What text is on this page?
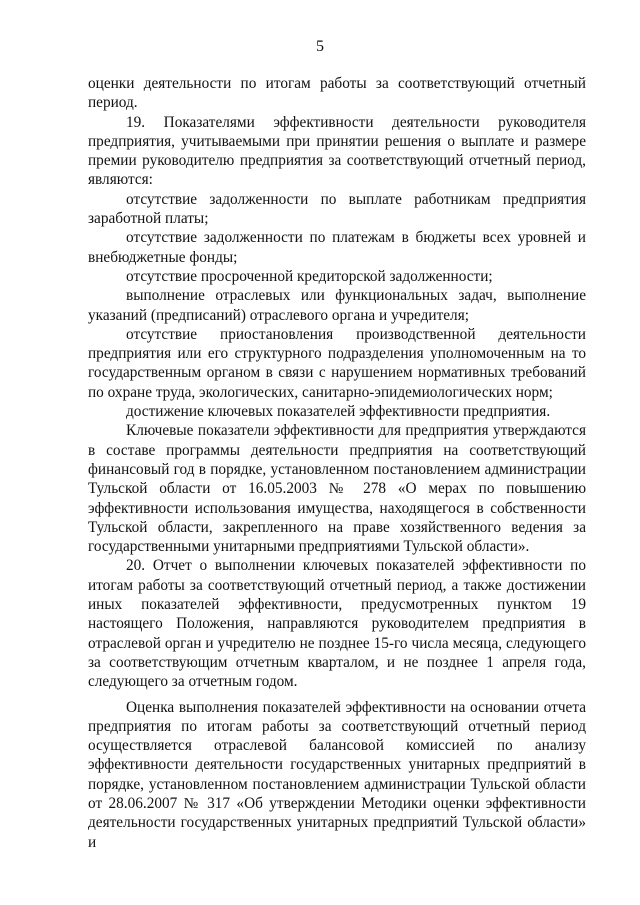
5

оценки деятельности по итогам работы за соответствующий отчетный период.

19. Показателями эффективности деятельности руководителя предприятия, учитываемыми при принятии решения о выплате и размере премии руководителю предприятия за соответствующий отчетный период, являются:

отсутствие задолженности по выплате работникам предприятия заработной платы;

отсутствие задолженности по платежам в бюджеты всех уровней и внебюджетные фонды;

отсутствие просроченной кредиторской задолженности;

выполнение отраслевых или функциональных задач, выполнение указаний (предписаний) отраслевого органа и учредителя;

отсутствие приостановления производственной деятельности предприятия или его структурного подразделения уполномоченным на то государственным органом в связи с нарушением нормативных требований по охране труда, экологических, санитарно-эпидемиологических норм;

достижение ключевых показателей эффективности предприятия.

Ключевые показатели эффективности для предприятия утверждаются в составе программы деятельности предприятия на соответствующий финансовый год в порядке, установленном постановлением администрации Тульской области от 16.05.2003 № 278 «О мерах по повышению эффективности использования имущества, находящегося в собственности Тульской области, закрепленного на праве хозяйственного ведения за государственными унитарными предприятиями Тульской области».

20. Отчет о выполнении ключевых показателей эффективности по итогам работы за соответствующий отчетный период, а также достижении иных показателей эффективности, предусмотренных пунктом 19 настоящего Положения, направляются руководителем предприятия в отраслевой орган и учредителю не позднее 15-го числа месяца, следующего за соответствующим отчетным кварталом, и не позднее 1 апреля года, следующего за отчетным годом.

Оценка выполнения показателей эффективности на основании отчета предприятия по итогам работы за соответствующий отчетный период осуществляется отраслевой балансовой комиссией по анализу эффективности деятельности государственных унитарных предприятий в порядке, установленном постановлением администрации Тульской области от 28.06.2007 № 317 «Об утверждении Методики оценки эффективности деятельности государственных унитарных предприятий Тульской области» и
